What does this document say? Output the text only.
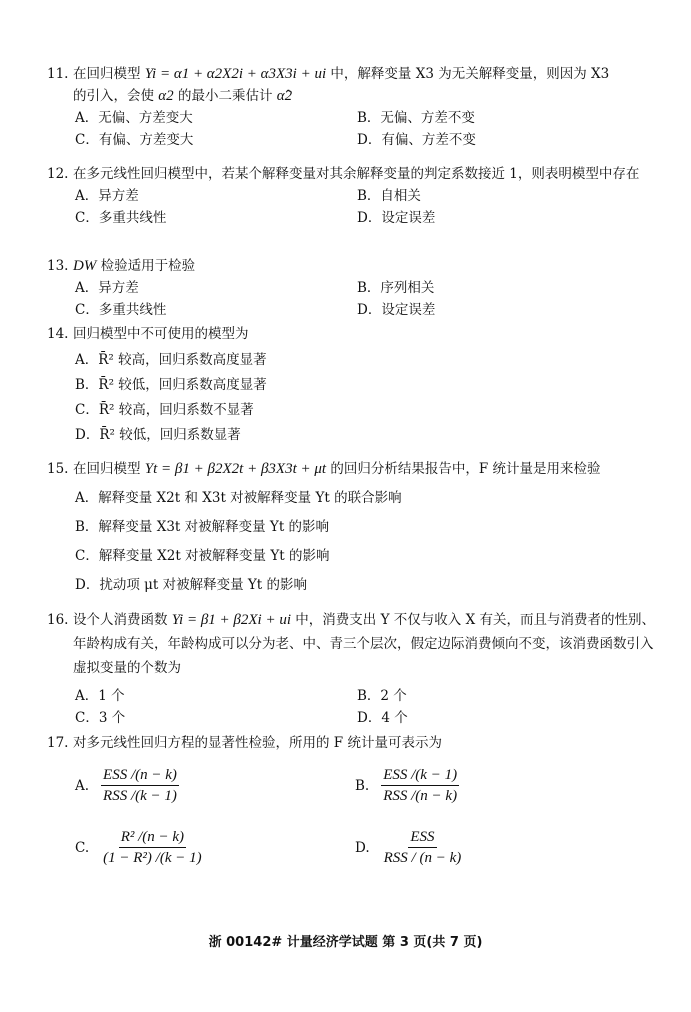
11. 在回归模型 Yi = α1 + α2X2i + α3X3i + ui 中，解释变量 X3 为无关解释变量，则因为 X3
的引入，会使 α2 的最小二乘估计 α̂2
A．无偏、方差变大	B．无偏、方差不变
C．有偏、方差变大	D．有偏、方差不变
12. 在多元线性回归模型中，若某个解释变量对其余解释变量的判定系数接近 1，则表明模型中存在
A．异方差	B．自相关
C．多重共线性	D．设定误差
13. DW 检验适用于检验
A．异方差	B．序列相关
C．多重共线性	D．设定误差
14. 回归模型中不可使用的模型为
A．R̄² 较高，回归系数高度显著
B．R̄² 较低，回归系数高度显著
C．R̄² 较高，回归系数不显著
D．R̄² 较低，回归系数显著
15. 在回归模型 Yt = β1 + β2X2t + β3X3t + μt 的回归分析结果报告中，F 统计量是用来检验
A．解释变量 X2t 和 X3t 对被解释变量 Yt 的联合影响
B．解释变量 X3t 对被解释变量 Yt 的影响
C．解释变量 X2t 对被解释变量 Yt 的影响
D．扰动项 μt 对被解释变量 Yt 的影响
16. 设个人消费函数 Yi = β1 + β2Xi + ui 中，消费支出 Y 不仅与收入 X 有关，而且与消费者的性别、年龄构成有关，年龄构成可以分为老、中、青三个层次，假定边际消费倾向不变，该消费函数引入虚拟变量的个数为
A．1 个	B．2 个
C．3 个	D．4 个
17. 对多元线性回归方程的显著性检验，所用的 F 统计量可表示为
A. $\frac{\text{ESS /(n − k)}}{\text{RSS /(k − 1)}}$	B. $\frac{\text{ESS /(k − 1)}}{\text{RSS /(n − k)}}$
C. $\frac{\text{R² /(n − k)}}{\text{(1 − R²) /(k − 1)}}$	D. $\frac{\text{ESS}}{\text{RSS / (n − k)}}$
浙 00142# 计量经济学试题 第 3 页(共 7 页)
